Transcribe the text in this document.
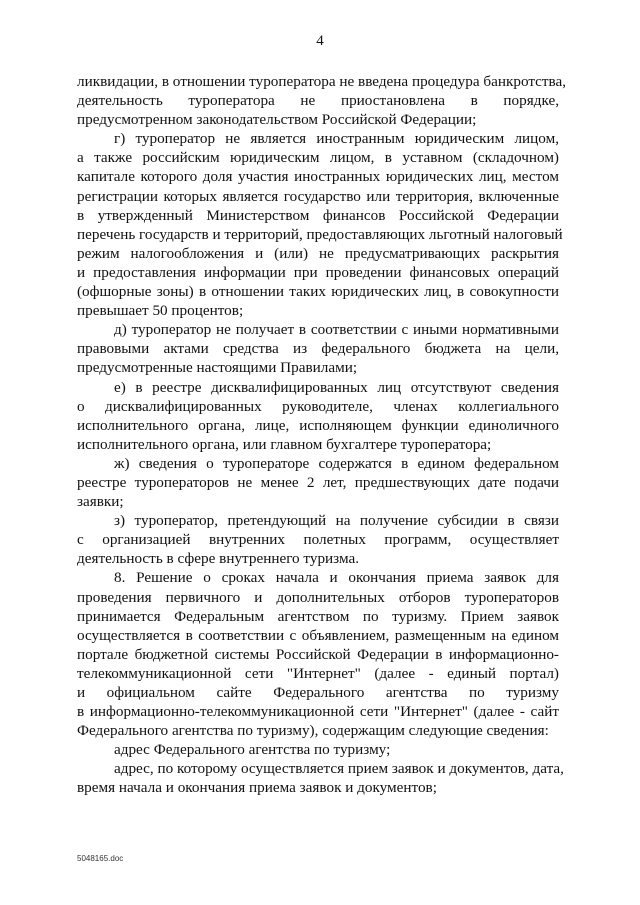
4
ликвидации, в отношении туроператора не введена процедура банкротства,
деятельность туроператора не приостановлена в порядке,
предусмотренном законодательством Российской Федерации;
г) туроператор не является иностранным юридическим лицом,
а также российским юридическим лицом, в уставном (складочном)
капитале которого доля участия иностранных юридических лиц, местом
регистрации которых является государство или территория, включенные
в утвержденный Министерством финансов Российской Федерации
перечень государств и территорий, предоставляющих льготный налоговый
режим налогообложения и (или) не предусматривающих раскрытия
и предоставления информации при проведении финансовых операций
(офшорные зоны) в отношении таких юридических лиц, в совокупности
превышает 50 процентов;
д) туроператор не получает в соответствии с иными нормативными
правовыми актами средства из федерального бюджета на цели,
предусмотренные настоящими Правилами;
е) в реестре дисквалифицированных лиц отсутствуют сведения
о дисквалифицированных руководителе, членах коллегиального
исполнительного органа, лице, исполняющем функции единоличного
исполнительного органа, или главном бухгалтере туроператора;
ж) сведения о туроператоре содержатся в едином федеральном
реестре туроператоров не менее 2 лет, предшествующих дате подачи
заявки;
з) туроператор, претендующий на получение субсидии в связи
с организацией внутренних полетных программ, осуществляет
деятельность в сфере внутреннего туризма.
8. Решение о сроках начала и окончания приема заявок для
проведения первичного и дополнительных отборов туроператоров
принимается Федеральным агентством по туризму. Прием заявок
осуществляется в соответствии с объявлением, размещенным на едином
портале бюджетной системы Российской Федерации в информационно-
телекоммуникационной сети "Интернет" (далее - единый портал)
и официальном сайте Федерального агентства по туризму
в информационно-телекоммуникационной сети "Интернет" (далее - сайт
Федерального агентства по туризму), содержащим следующие сведения:
адрес Федерального агентства по туризму;
адрес, по которому осуществляется прием заявок и документов, дата,
время начала и окончания приема заявок и документов;
5048165.doc
